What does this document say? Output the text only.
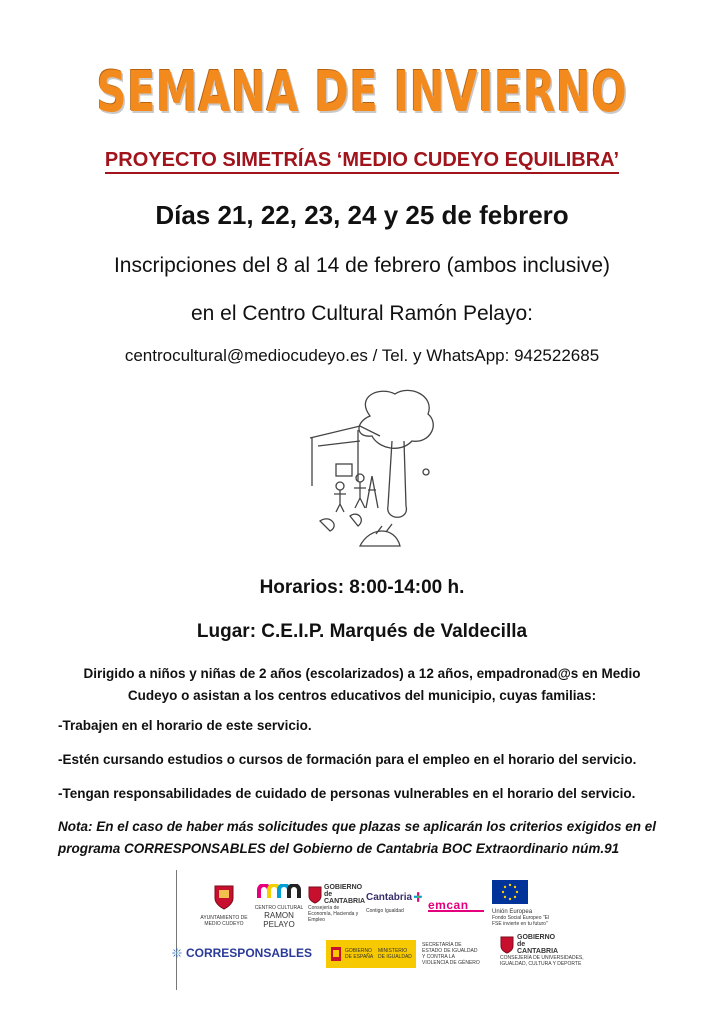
SEMANA DE INVIERNO
PROYECTO SIMETRÍAS ‘MEDIO CUDEYO EQUILIBRA’
Días 21, 22, 23, 24 y 25 de febrero
Inscripciones del 8 al 14 de febrero (ambos inclusive)
en el Centro Cultural Ramón Pelayo:
centrocultural@mediocudeyo.es / Tel. y WhatsApp: 942522685
Horarios: 8:00-14:00 h.
Lugar: C.E.I.P. Marqués de Valdecilla
Dirigido a niños y niñas de 2 años (escolarizados) a 12 años, empadronad@s en Medio Cudeyo o asistan a los centros educativos del municipio, cuyas familias:
-Trabajen en el horario de este servicio.
-Estén cursando estudios o cursos de formación para el empleo en el horario del servicio.
-Tengan responsabilidades de cuidado de personas vulnerables en el horario del servicio.
Nota: En el caso de haber más solicitudes que plazas se aplicarán los criterios exigidos en el programa CORRESPONSABLES del Gobierno de Cantabria BOC Extraordinario núm.91
AYUNTAMIENTO DE MEDIO CUDEYO
CENTRO CULTURAL
RAMON PELAYO
GOBIERNO de CANTABRIA
Consejería de Economía, Hacienda y Empleo
Cantabria
Contigo Igualdad	emcan	Unión Europea
Fondo Social Europeo "El FSE invierte en tu futuro"
CORRESPONSABLES	GOBIERNO DE ESPAÑA
MINISTERIO DE IGUALDAD
SECRETARÍA DE ESTADO DE IGUALDAD Y CONTRA LA VIOLENCIA DE GÉNERO
GOBIERNO de CANTABRIA
CONSEJERÍA DE UNIVERSIDADES, IGUALDAD, CULTURA Y DEPORTE
